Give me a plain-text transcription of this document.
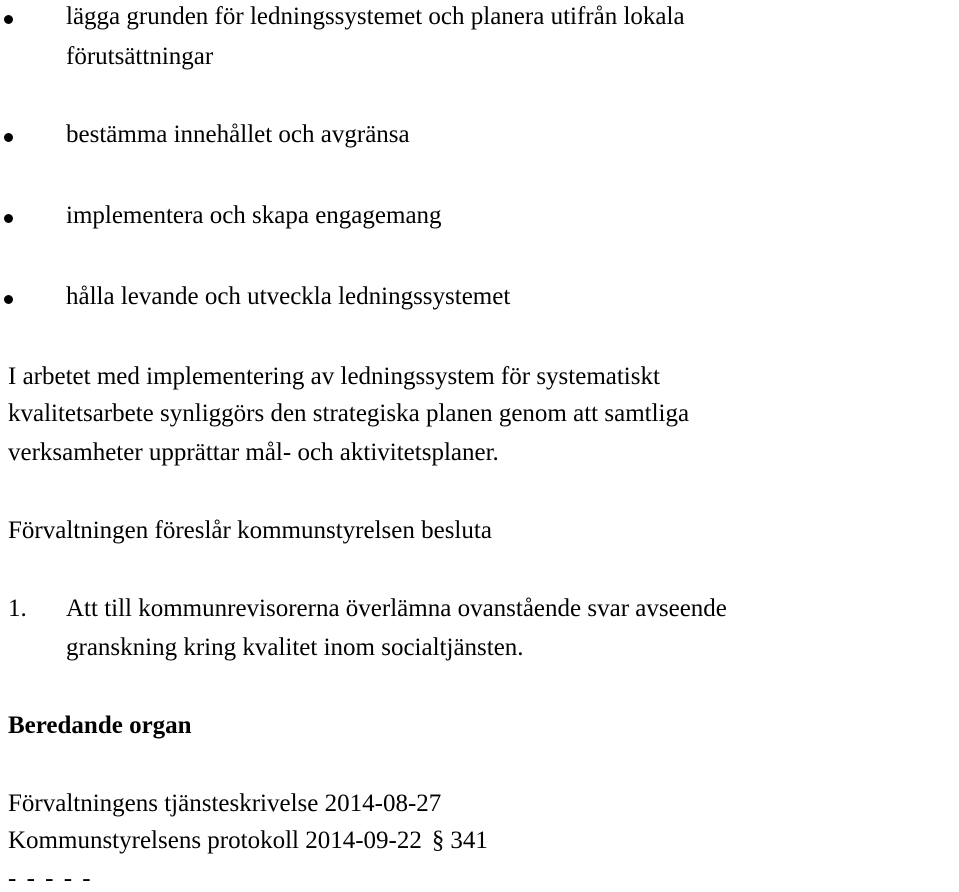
lägga grunden för ledningssystemet och planera utifrån lokala
förutsättningar
bestämma innehållet och avgränsa
implementera och skapa engagemang
hålla levande och utveckla ledningssystemet
I arbetet med implementering av ledningssystem för systematiskt
kvalitetsarbete synliggörs den strategiska planen genom att samtliga
verksamheter upprättar mål- och aktivitetsplaner.
Förvaltningen föreslår kommunstyrelsen besluta
1. Att till kommunrevisorerna överlämna ovanstående svar avseende
granskning kring kvalitet inom socialtjänsten.
Beredande organ
Förvaltningens tjänsteskrivelse 2014-08-27
Kommunstyrelsens protokoll 2014-09-22 § 341
- - - - -
